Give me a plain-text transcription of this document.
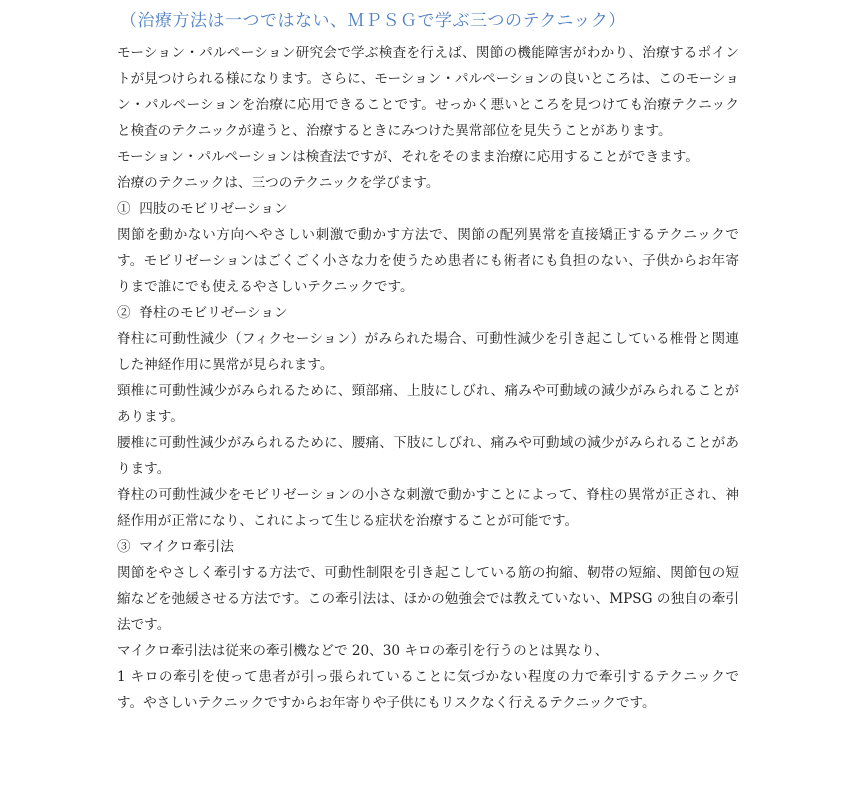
（治療方法は一つではない、ＭＰＳＧで学ぶ三つのテクニック）

モーション・パルペーション研究会で学ぶ検査を行えば、関節の機能障害がわかり、治療するポイントが見つけられる様になります。さらに、モーション・パルペーションの良いところは、このモーション・パルペーションを治療に応用できることです。せっかく悪いところを見つけても治療テクニックと検査のテクニックが違うと、治療するときにみつけた異常部位を見失うことがあります。

モーション・パルペーションは検査法ですが、それをそのまま治療に応用することができます。

治療のテクニックは、三つのテクニックを学びます。

①  四肢のモビリゼーション

関節を動かない方向へやさしい刺激で動かす方法で、関節の配列異常を直接矯正するテクニックです。モビリゼーションはごくごく小さな力を使うため患者にも術者にも負担のない、子供からお年寄りまで誰にでも使えるやさしいテクニックです。

②  脊柱のモビリゼーション

脊柱に可動性減少（フィクセーション）がみられた場合、可動性減少を引き起こしている椎骨と関連した神経作用に異常が見られます。

頸椎に可動性減少がみられるために、頸部痛、上肢にしびれ、痛みや可動域の減少がみられることがあります。

腰椎に可動性減少がみられるために、腰痛、下肢にしびれ、痛みや可動域の減少がみられることがあります。

脊柱の可動性減少をモビリゼーションの小さな刺激で動かすことによって、脊柱の異常が正され、神経作用が正常になり、これによって生じる症状を治療することが可能です。

③  マイクロ牽引法

関節をやさしく牽引する方法で、可動性制限を引き起こしている筋の拘縮、靭帯の短縮、関節包の短縮などを弛緩させる方法です。この牽引法は、ほかの勉強会では教えていない、MPSG の独自の牽引法です。

マイクロ牽引法は従来の牽引機などで 20、30 キロの牽引を行うのとは異なり、

1 キロの牽引を使って患者が引っ張られていることに気づかない程度の力で牽引するテクニックです。やさしいテクニックですからお年寄りや子供にもリスクなく行えるテクニックです。
